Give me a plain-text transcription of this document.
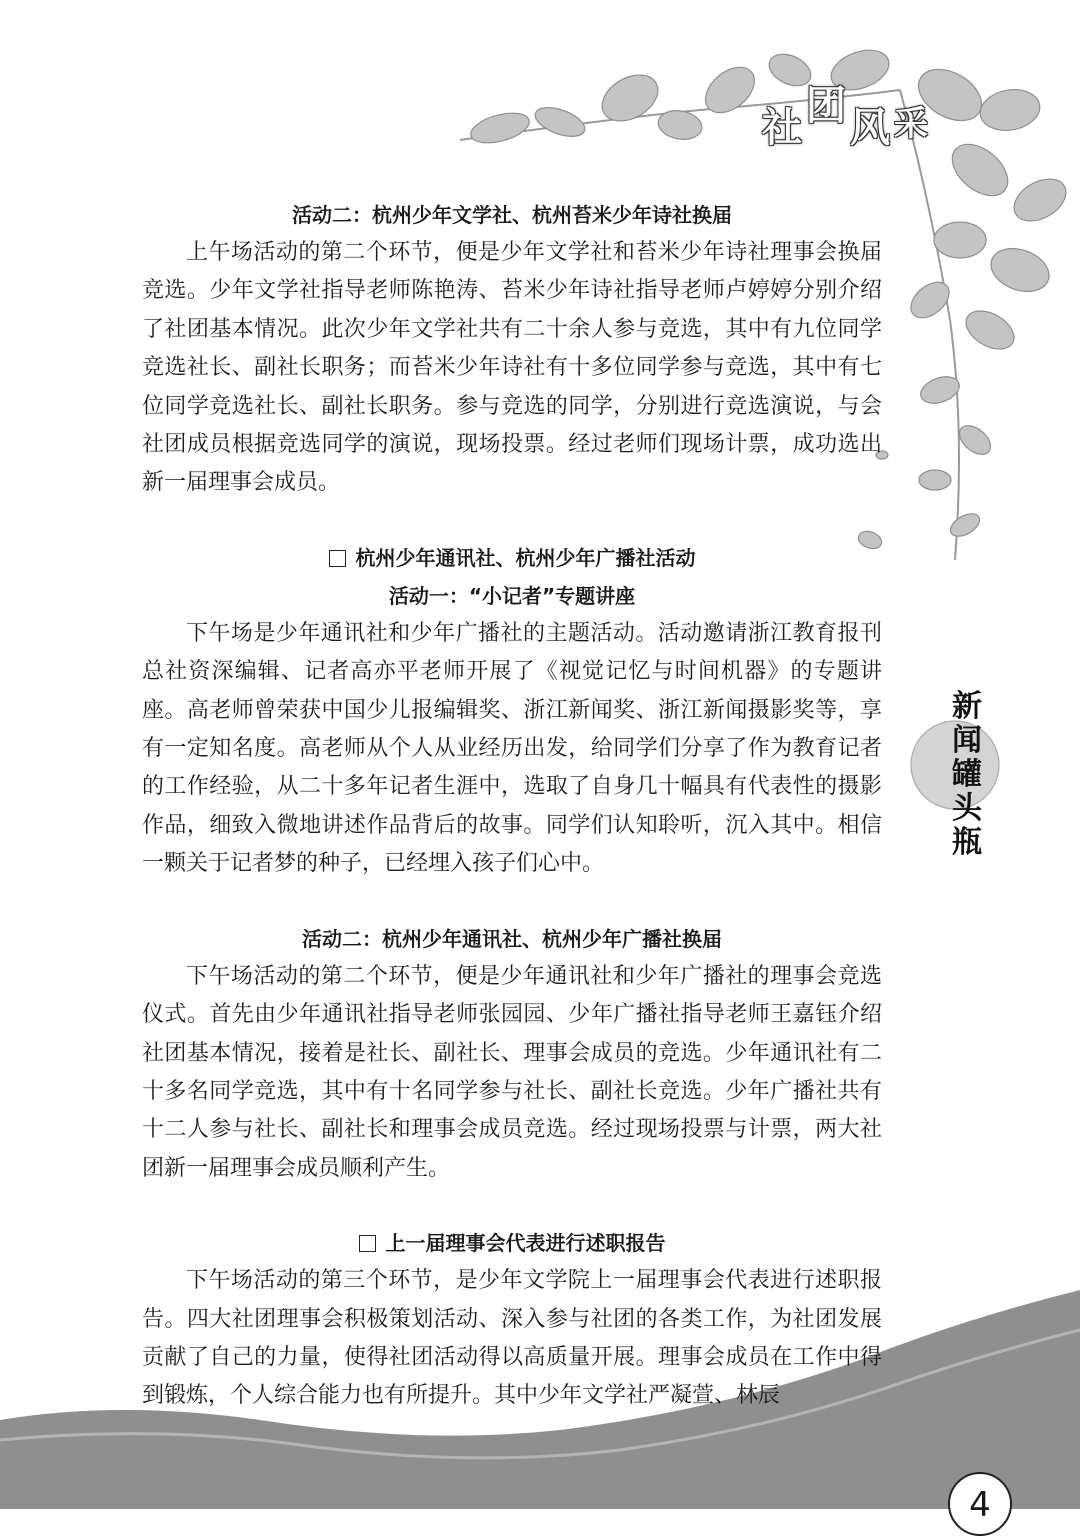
社团风采
活动二：杭州少年文学社、杭州苔米少年诗社换届

上午场活动的第二个环节，便是少年文学社和苔米少年诗社理事会换届竞选。少年文学社指导老师陈艳涛、苔米少年诗社指导老师卢婷婷分别介绍了社团基本情况。此次少年文学社共有二十余人参与竞选，其中有九位同学竞选社长、副社长职务；而苔米少年诗社有十多位同学参与竞选，其中有七位同学竞选社长、副社长职务。参与竞选的同学，分别进行竞选演说，与会社团成员根据竞选同学的演说，现场投票。经过老师们现场计票，成功选出新一届理事会成员。

杭州少年通讯社、杭州少年广播社活动
活动一：“小记者”专题讲座

下午场是少年通讯社和少年广播社的主题活动。活动邀请浙江教育报刊总社资深编辑、记者高亦平老师开展了《视觉记忆与时间机器》的专题讲座。高老师曾荣获中国少儿报编辑奖、浙江新闻奖、浙江新闻摄影奖等，享有一定知名度。高老师从个人从业经历出发，给同学们分享了作为教育记者的工作经验，从二十多年记者生涯中，选取了自身几十幅具有代表性的摄影作品，细致入微地讲述作品背后的故事。同学们认知聆听，沉入其中。相信一颗关于记者梦的种子，已经埋入孩子们心中。

活动二：杭州少年通讯社、杭州少年广播社换届

下午场活动的第二个环节，便是少年通讯社和少年广播社的理事会竞选仪式。首先由少年通讯社指导老师张园园、少年广播社指导老师王嘉钰介绍社团基本情况，接着是社长、副社长、理事会成员的竞选。少年通讯社有二十多名同学竞选，其中有十名同学参与社长、副社长竞选。少年广播社共有十二人参与社长、副社长和理事会成员竞选。经过现场投票与计票，两大社团新一届理事会成员顺利产生。

上一届理事会代表进行述职报告

下午场活动的第三个环节，是少年文学院上一届理事会代表进行述职报告。四大社团理事会积极策划活动、深入参与社团的各类工作，为社团发展贡献了自己的力量，使得社团活动得以高质量开展。理事会成员在工作中得到锻炼，个人综合能力也有所提升。其中少年文学社严凝萱、林辰

新
闻
罐
头
瓶
4
